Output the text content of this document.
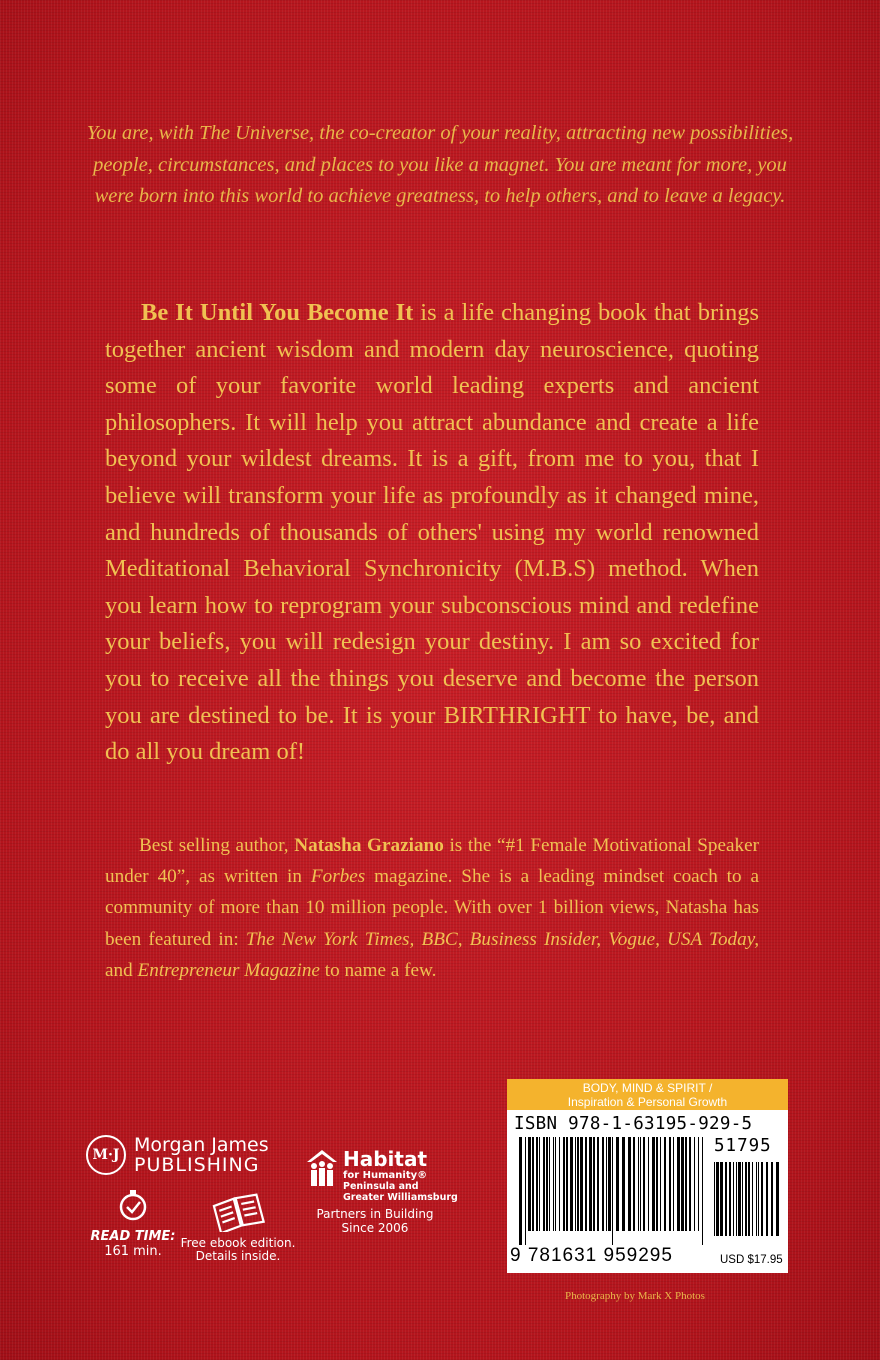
You are, with The Universe, the co-creator of your reality, attracting new possibilities, people, circumstances, and places to you like a magnet. You are meant for more, you were born into this world to achieve greatness, to help others, and to leave a legacy.
Be It Until You Become It is a life changing book that brings together ancient wisdom and modern day neuroscience, quoting some of your favorite world leading experts and ancient philosophers. It will help you attract abundance and create a life beyond your wildest dreams. It is a gift, from me to you, that I believe will transform your life as profoundly as it changed mine, and hundreds of thousands of others' using my world renowned Meditational Behavioral Synchronicity (M.B.S) method. When you learn how to reprogram your subconscious mind and redefine your beliefs, you will redesign your destiny. I am so excited for you to receive all the things you deserve and become the person you are destined to be. It is your BIRTHRIGHT to have, be, and do all you dream of!
Best selling author, Natasha Graziano is the “#1 Female Motivational Speaker under 40”, as written in Forbes magazine. She is a leading mindset coach to a community of more than 10 million people. With over 1 billion views, Natasha has been featured in: The New York Times, BBC, Business Insider, Vogue, USA Today, and Entrepreneur Magazine to name a few.
M·J Morgan James
PUBLISHING
READ TIME:
161 min.
Free ebook edition.
Details inside.
Habitat
for Humanity®
Peninsula and
Greater Williamsburg
Partners in Building
Since 2006
BODY, MIND & SPIRIT /
Inspiration & Personal Growth
ISBN 978-1-63195-929-5
51795
9 781631 959295	USD $17.95
Photography by Mark X Photos
